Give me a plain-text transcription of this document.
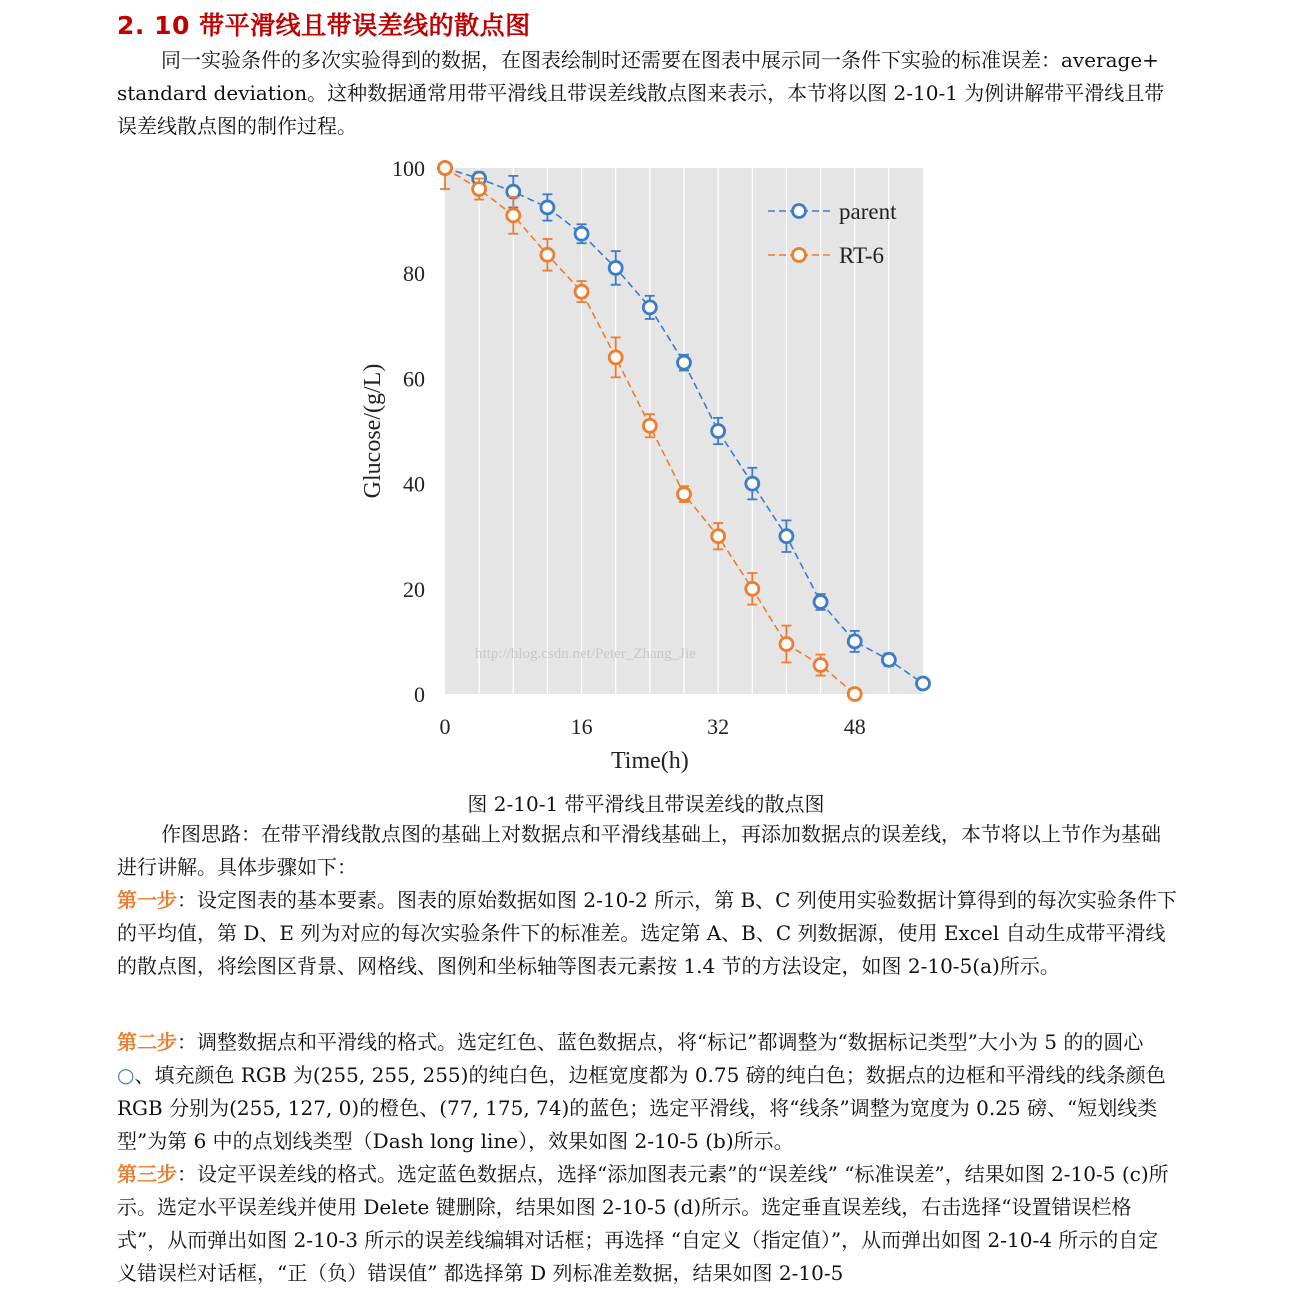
2. 10 带平滑线且带误差线的散点图
同一实验条件的多次实验得到的数据，在图表绘制时还需要在图表中展示同一条件下实验的标准误差：average+ standard deviation。这种数据通常用带平滑线且带误差线散点图来表示，本节将以图 2-10-1 为例讲解带平滑线且带误差线散点图的制作过程。
0
20
40
60
80
100
0	16	32	48
Time(h)
Glucose/(g/L)
http://blog.csdn.net/Peter_Zhang_Jie
parent
RT-6
图 2-10-1 带平滑线且带误差线的散点图
作图思路：在带平滑线散点图的基础上对数据点和平滑线基础上，再添加数据点的误差线，本节将以上节作为基础进行讲解。具体步骤如下：
第一步：设定图表的基本要素。图表的原始数据如图 2-10-2 所示，第 B、C 列使用实验数据计算得到的每次实验条件下的平均值，第 D、E 列为对应的每次实验条件下的标准差。选定第 A、B、C 列数据源，使用 Excel 自动生成带平滑线的散点图，将绘图区背景、网格线、图例和坐标轴等图表元素按 1.4 节的方法设定，如图 2-10-5(a)所示。
第二步：调整数据点和平滑线的格式。选定红色、蓝色数据点，将“标记”都调整为“数据标记类型”大小为 5 的的圆心○、填充颜色 RGB 为(255, 255, 255)的纯白色，边框宽度都为 0.75 磅的纯白色；数据点的边框和平滑线的线条颜色 RGB 分别为(255, 127, 0)的橙色、(77, 175, 74)的蓝色；选定平滑线，将“线条”调整为宽度为 0.25 磅、“短划线类型”为第 6 中的点划线类型（Dash long line），效果如图 2-10-5 (b)所示。
第三步：设定平误差线的格式。选定蓝色数据点，选择“添加图表元素”的“误差线” “标准误差”，结果如图 2-10-5 (c)所示。选定水平误差线并使用 Delete 键删除，结果如图 2-10-5 (d)所示。选定垂直误差线，右击选择“设置错误栏格式”，从而弹出如图 2-10-3 所示的误差线编辑对话框；再选择 “自定义（指定值）”，从而弹出如图 2-10-4 所示的自定义错误栏对话框，“正（负）错误值” 都选择第 D 列标准差数据，结果如图 2-10-5
